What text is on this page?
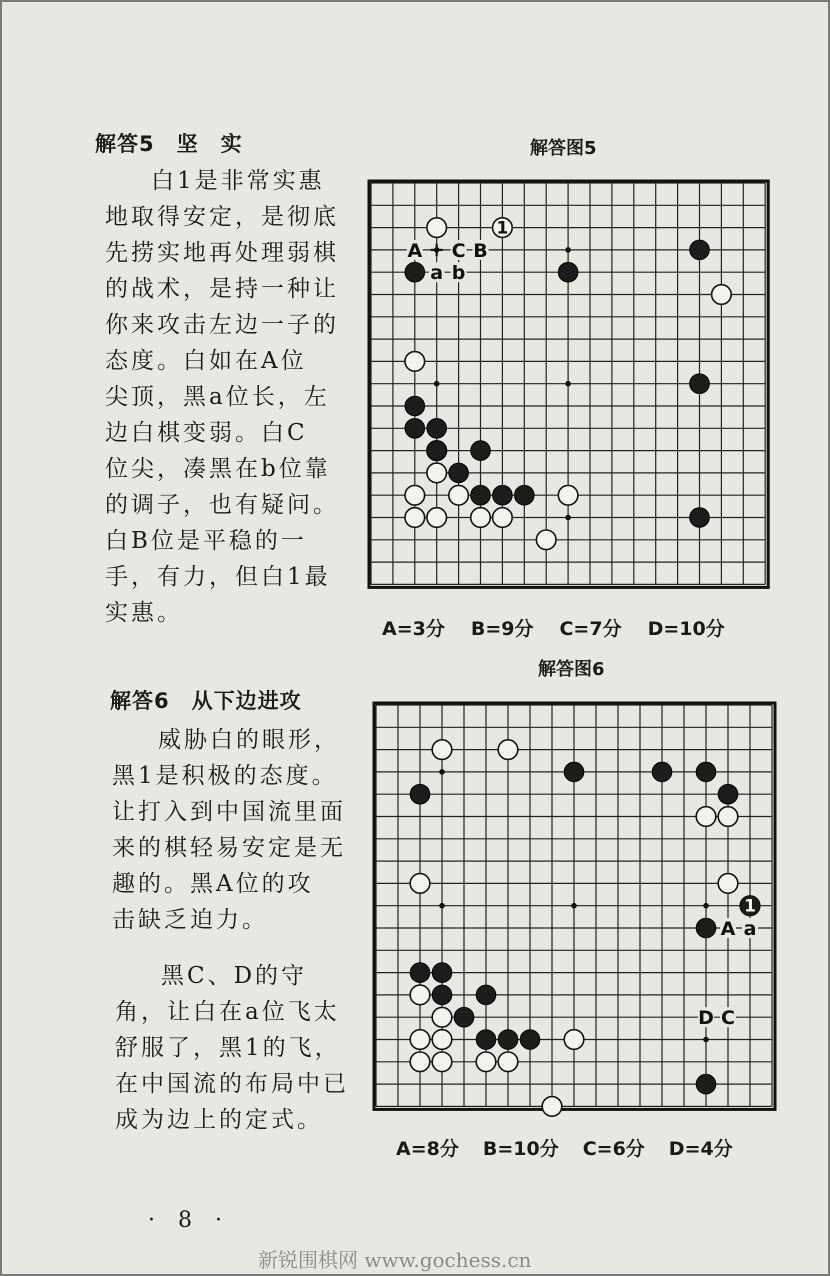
解答5　坚　实	解答图5
白1是非常实惠
地取得安定，是彻底
先捞实地再处理弱棋
的战术，是持一种让
你来攻击左边一子的
态度。白如在A位
尖顶，黑a位长，左
边白棋变弱。白C
位尖，凑黑在b位靠
的调子，也有疑问。
白B位是平稳的一
手，有力，但白1最
实惠。
1
A C B
a b
A=3分 B=9分 C=7分 D=10分
解答图6
解答6　从下边进攻
威胁白的眼形，
黑1是积极的态度。
让打入到中国流里面
来的棋轻易安定是无
趣的。黑A位的攻
击缺乏迫力。
黑C、D的守
角，让白在a位飞太
舒服了，黑1的飞，
在中国流的布局中已
成为边上的定式。
1
A a
D C
A=8分 B=10分 C=6分 D=4分
· 8 ·
新锐围棋网 www.gochess.cn
